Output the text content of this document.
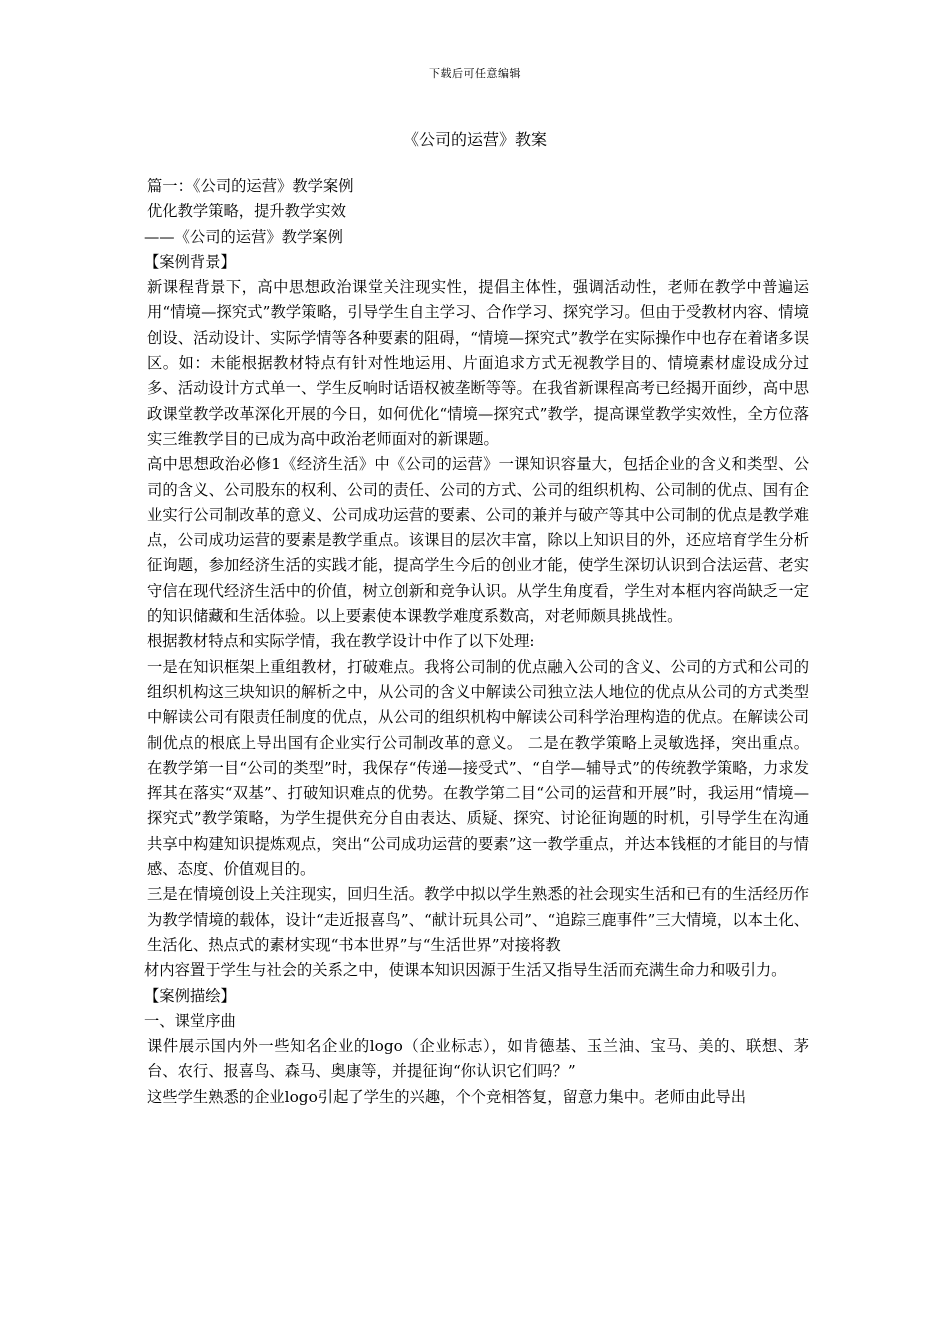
下载后可任意编辑
《公司的运营》教案

篇一：《公司的运营》教学案例

优化教学策略，提升教学实效

——《公司的运营》教学案例

【案例背景】

新课程背景下，高中思想政治课堂关注现实性，提倡主体性，强调活动性，老师在教学中普遍运用“情境—探究式”教学策略，引导学生自主学习、合作学习、探究学习。但由于受教材内容、情境创设、活动设计、实际学情等各种要素的阻碍，“情境—探究式”教学在实际操作中也存在着诸多误区。如：未能根据教材特点有针对性地运用、片面追求方式无视教学目的、情境素材虚设成分过多、活动设计方式单一、学生反响时话语权被垄断等等。在我省新课程高考已经揭开面纱，高中思政课堂教学改革深化开展的今日，如何优化“情境—探究式”教学，提高课堂教学实效性，全方位落实三维教学目的已成为高中政治老师面对的新课题。

高中思想政治必修1《经济生活》中《公司的运营》一课知识容量大，包括企业的含义和类型、公司的含义、公司股东的权利、公司的责任、公司的方式、公司的组织机构、公司制的优点、国有企业实行公司制改革的意义、公司成功运营的要素、公司的兼并与破产等其中公司制的优点是教学难点，公司成功运营的要素是教学重点。该课目的层次丰富，除以上知识目的外，还应培育学生分析征询题，参加经济生活的实践才能，提高学生今后的创业才能，使学生深切认识到合法运营、老实守信在现代经济生活中的价值，树立创新和竞争认识。从学生角度看，学生对本框内容尚缺乏一定的知识储藏和生活体验。以上要素使本课教学难度系数高，对老师颇具挑战性。

根据教材特点和实际学情，我在教学设计中作了以下处理:

一是在知识框架上重组教材，打破难点。我将公司制的优点融入公司的含义、公司的方式和公司的组织机构这三块知识的解析之中，从公司的含义中解读公司独立法人地位的优点从公司的方式类型中解读公司有限责任制度的优点，从公司的组织机构中解读公司科学治理构造的优点。在解读公司制优点的根底上导出国有企业实行公司制改革的意义。 二是在教学策略上灵敏选择，突出重点。在教学第一目“公司的类型”时，我保存“传递—接受式”、“自学—辅导式”的传统教学策略，力求发挥其在落实“双基”、打破知识难点的优势。在教学第二目“公司的运营和开展”时，我运用“情境—探究式”教学策略，为学生提供充分自由表达、质疑、探究、讨论征询题的时机，引导学生在沟通共享中构建知识提炼观点，突出“公司成功运营的要素”这一教学重点，并达本钱框的才能目的与情感、态度、价值观目的。

三是在情境创设上关注现实，回归生活。教学中拟以学生熟悉的社会现实生活和已有的生活经历作为教学情境的载体，设计“走近报喜鸟”、“献计玩具公司”、“追踪三鹿事件”三大情境，以本土化、生活化、热点式的素材实现“书本世界”与“生活世界”对接将教

材内容置于学生与社会的关系之中，使课本知识因源于生活又指导生活而充满生命力和吸引力。

【案例描绘】

一、课堂序曲

课件展示国内外一些知名企业的logo（企业标志），如肯德基、玉兰油、宝马、美的、联想、茅台、农行、报喜鸟、森马、奥康等，并提征询“你认识它们吗？”

这些学生熟悉的企业logo引起了学生的兴趣，个个竞相答复，留意力集中。老师由此导出
